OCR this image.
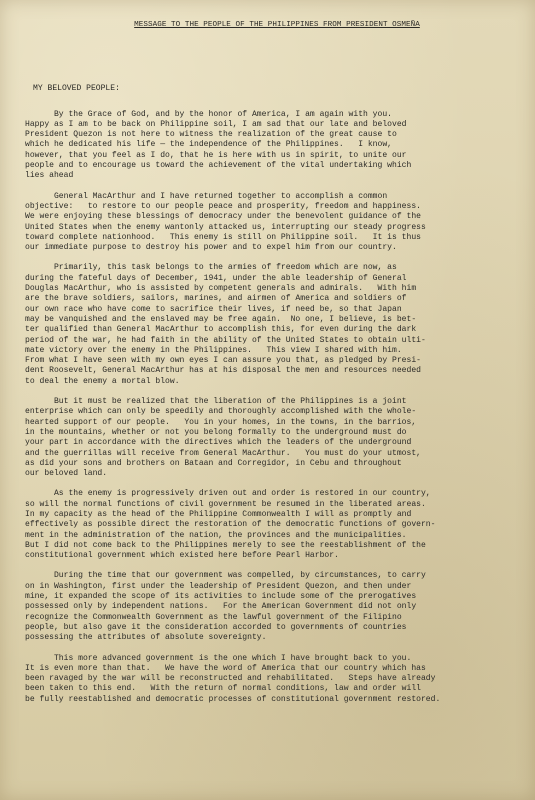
MESSAGE TO THE PEOPLE OF THE PHILIPPINES FROM PRESIDENT OSMEÑA
MY BELOVED PEOPLE:
By the Grace of God, and by the honor of America, I am again with you.
Happy as I am to be back on Philippine soil, I am sad that our late and beloved
President Quezon is not here to witness the realization of the great cause to
which he dedicated his life — the independence of the Philippines.   I know,
however, that you feel as I do, that he is here with us in spirit, to unite our
people and to encourage us toward the achievement of the vital undertaking which
lies ahead
General MacArthur and I have returned together to accomplish a common
objective:   to restore to our people peace and prosperity, freedom and happiness.
We were enjoying these blessings of democracy under the benevolent guidance of the
United States when the enemy wantonly attacked us, interrupting our steady progress
toward complete nationhood.   This enemy is still on Philippine soil.   It is thus
our immediate purpose to destroy his power and to expel him from our country.
Primarily, this task belongs to the armies of freedom which are now, as
during the fateful days of December, 1941, under the able leadership of General
Douglas MacArthur, who is assisted by competent generals and admirals.   With him
are the brave soldiers, sailors, marines, and airmen of America and soldiers of
our own race who have come to sacrifice their lives, if need be, so that Japan
may be vanquished and the enslaved may be free again.  No one, I believe, is bet-
ter qualified than General MacArthur to accomplish this, for even during the dark
period of the war, he had faith in the ability of the United States to obtain ulti-
mate victory over the enemy in the Philippines.   This view I shared with him.
From what I have seen with my own eyes I can assure you that, as pledged by Presi-
dent Roosevelt, General MacArthur has at his disposal the men and resources needed
to deal the enemy a mortal blow.
But it must be realized that the liberation of the Philippines is a joint
enterprise which can only be speedily and thoroughly accomplished with the whole-
hearted support of our people.   You in your homes, in the towns, in the barrios,
in the mountains, whether or not you belong formally to the underground must do
your part in accordance with the directives which the leaders of the underground
and the guerrillas will receive from General MacArthur.   You must do your utmost,
as did your sons and brothers on Bataan and Corregidor, in Cebu and throughout
our beloved land.
As the enemy is progressively driven out and order is restored in our country,
so will the normal functions of civil government be resumed in the liberated areas.
In my capacity as the head of the Philippine Commonwealth I will as promptly and
effectively as possible direct the restoration of the democratic functions of govern-
ment in the administration of the nation, the provinces and the municipalities.
But I did not come back to the Philippines merely to see the reestablishment of the
constitutional government which existed here before Pearl Harbor.
During the time that our government was compelled, by circumstances, to carry
on in Washington, first under the leadership of President Quezon, and then under
mine, it expanded the scope of its activities to include some of the prerogatives
possessed only by independent nations.   For the American Government did not only
recognize the Commonwealth Government as the lawful government of the Filipino
people, but also gave it the consideration accorded to governments of countries
possessing the attributes of absolute sovereignty.
This more advanced government is the one which I have brought back to you.
It is even more than that.   We have the word of America that our country which has
been ravaged by the war will be reconstructed and rehabilitated.   Steps have already
been taken to this end.   With the return of normal conditions, law and order will
be fully reestablished and democratic processes of constitutional government restored.
